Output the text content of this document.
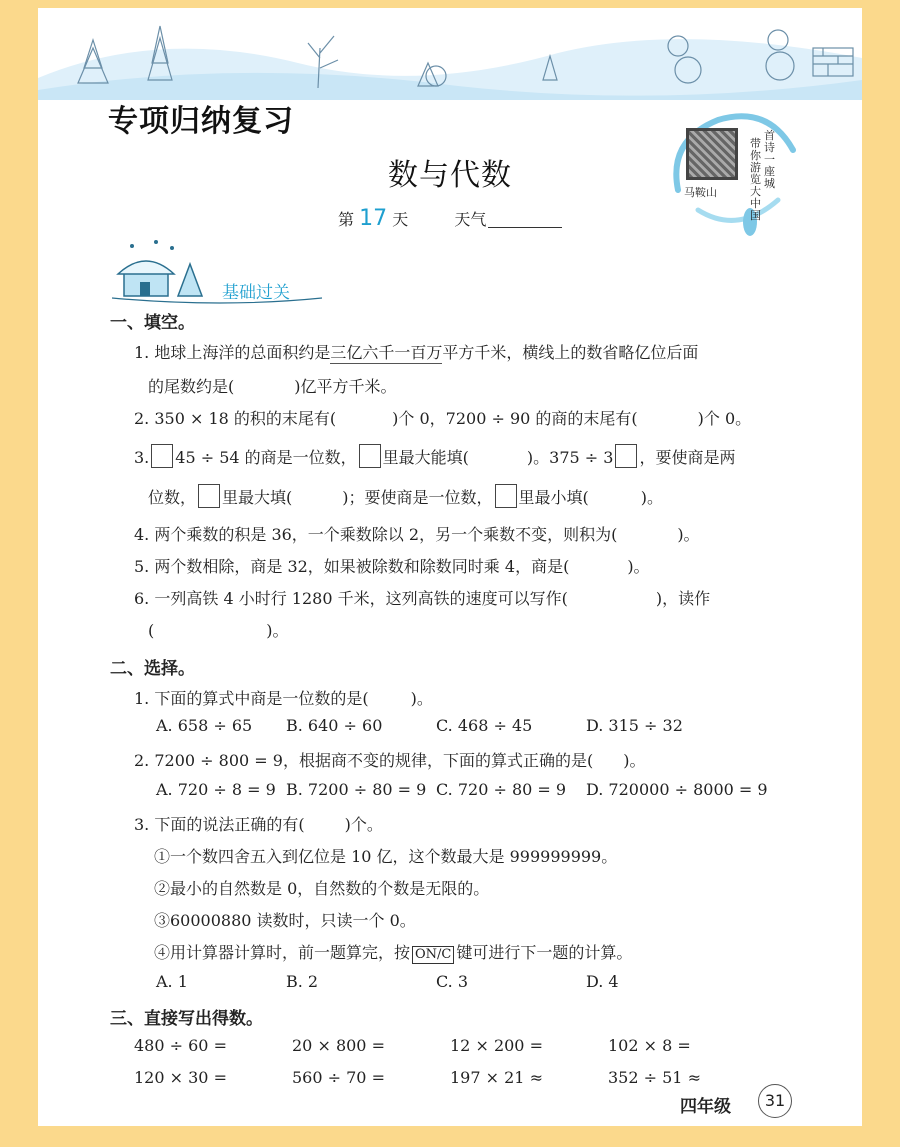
专项归纳复习
数与代数
第 17 天	天气
马鞍山
首诗一座城
带你游览大中国
基础过关
一、填空。
1. 地球上海洋的总面积约是三亿六千一百万平方千米，横线上的数省略亿位后面
的尾数约是(	)亿平方千米。
2. 350 × 18 的积的末尾有(	)个 0，7200 ÷ 90 的商的末尾有(	)个 0。
3. 45 ÷ 54 的商是一位数， 里最大能填(	)。375 ÷ 3 ，要使商是两
位数， 里最大填(	)；要使商是一位数， 里最小填(	)。
4. 两个乘数的积是 36，一个乘数除以 2，另一个乘数不变，则积为(	)。
5. 两个数相除，商是 32，如果被除数和除数同时乘 4，商是(	)。
6. 一列高铁 4 小时行 1280 千米，这列高铁的速度可以写作(	)，读作
(	)。
二、选择。
1. 下面的算式中商是一位数的是(	)。
A. 658 ÷ 65 B. 640 ÷ 60	C. 468 ÷ 45	D. 315 ÷ 32
2. 7200 ÷ 800 = 9，根据商不变的规律，下面的算式正确的是( )。
A. 720 ÷ 8 = 9 B. 7200 ÷ 80 = 9 C. 720 ÷ 80 = 9 D. 720000 ÷ 8000 = 9
3. 下面的说法正确的有(	)个。
①一个数四舍五入到亿位是 10 亿，这个数最大是 999999999。
②最小的自然数是 0，自然数的个数是无限的。
③60000880 读数时，只读一个 0。
④用计算器计算时，前一题算完，按 ON/C 键可进行下一题的计算。
A. 1	B. 2	C. 3	D. 4
三、直接写出得数。
480 ÷ 60 =	20 × 800 =	12 × 200 =	102 × 8 =
120 × 30 =	560 ÷ 70 =	197 × 21 ≈	352 ÷ 51 ≈
四年级	31
